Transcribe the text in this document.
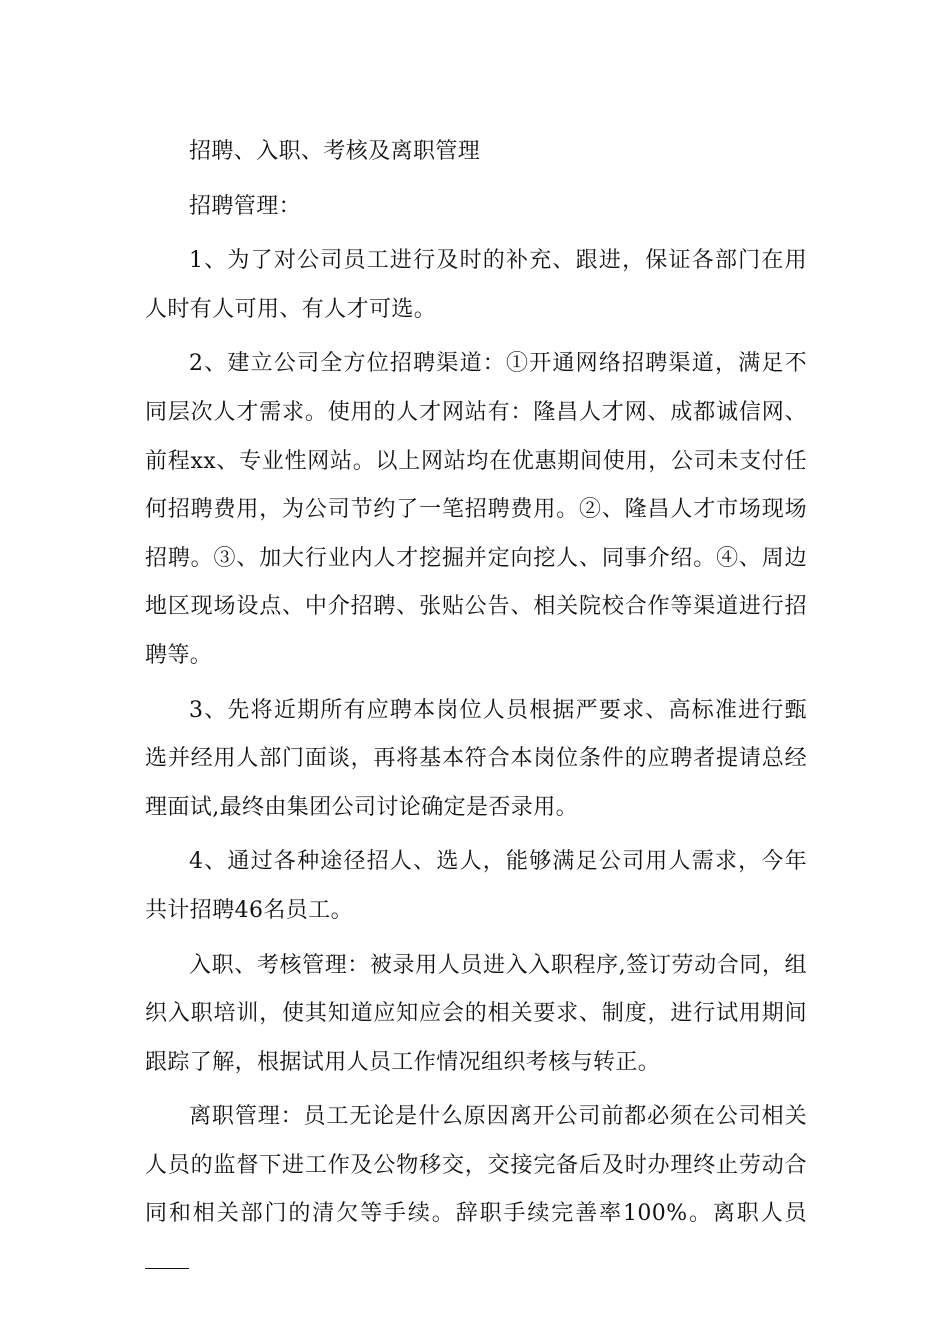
招聘、入职、考核及离职管理

招聘管理：

1、为了对公司员工进行及时的补充、跟进，保证各部门在用人时有人可用、有人才可选。

2、建立公司全方位招聘渠道：①开通网络招聘渠道，满足不同层次人才需求。使用的人才网站有：隆昌人才网、成都诚信网、前程xx、专业性网站。以上网站均在优惠期间使用，公司未支付任何招聘费用，为公司节约了一笔招聘费用。②、隆昌人才市场现场招聘。③、加大行业内人才挖掘并定向挖人、同事介绍。④、周边地区现场设点、中介招聘、张贴公告、相关院校合作等渠道进行招聘等。

3、先将近期所有应聘本岗位人员根据严要求、高标准进行甄选并经用人部门面谈，再将基本符合本岗位条件的应聘者提请总经理面试,最终由集团公司讨论确定是否录用。

4、通过各种途径招人、选人，能够满足公司用人需求，今年共计招聘46名员工。

入职、考核管理：被录用人员进入入职程序,签订劳动合同，组织入职培训，使其知道应知应会的相关要求、制度，进行试用期间跟踪了解，根据试用人员工作情况组织考核与转正。

离职管理：员工无论是什么原因离开公司前都必须在公司相关人员的监督下进工作及公物移交，交接完备后及时办理终止劳动合同和相关部门的清欠等手续。辞职手续完善率100%。离职人员
